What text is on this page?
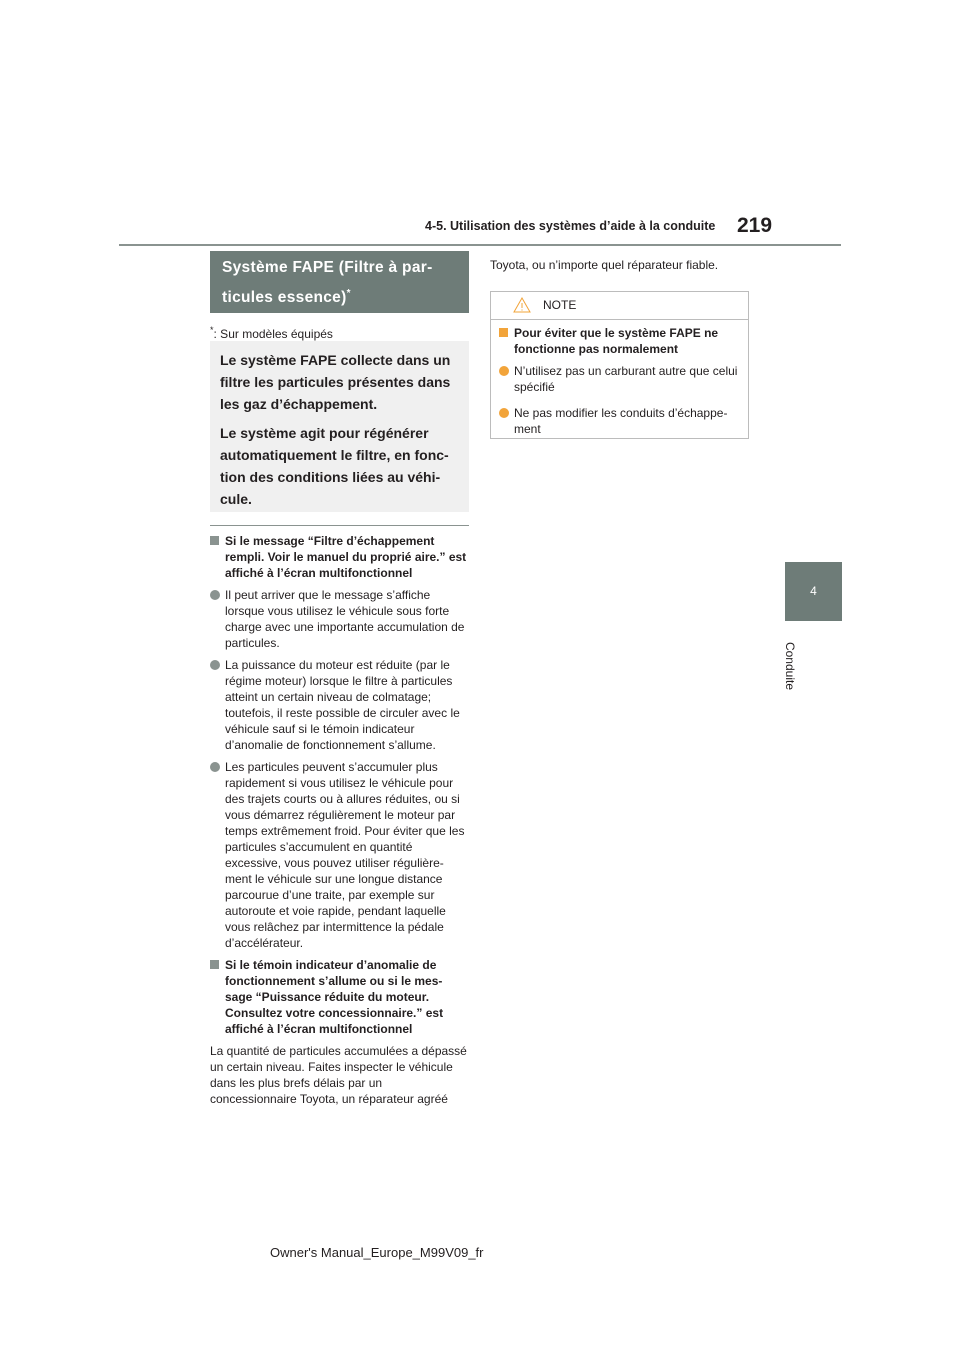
4-5. Utilisation des systèmes d’aide à la conduite 219
4
Conduite
Système FAPE (Filtre à par- ticules essence)*
*: Sur modèles équipés

Le système FAPE collecte dans un filtre les particules présentes dans les gaz d’échappement.

Le système agit pour régénérer automatiquement le filtre, en fonc- tion des conditions liées au véhi- cule.

Si le message “Filtre d’échappement rempli. Voir le manuel du proprié aire.” est affiché à l’écran multifonctionnel

Il peut arriver que le message s’affiche lorsque vous utilisez le véhicule sous forte charge avec une importante accumulation de particules.

La puissance du moteur est réduite (par le régime moteur) lorsque le filtre à particules atteint un certain niveau de colmatage; toutefois, il reste possible de circuler avec le véhicule sauf si le témoin indicateur d’anomalie de fonctionnement s’allume.

Les particules peuvent s’accumuler plus rapidement si vous utilisez le véhicule pour des trajets courts ou à allures réduites, ou si vous démarrez régulièrement le moteur par temps extrêmement froid. Pour éviter que les particules s’accumulent en quantité excessive, vous pouvez utiliser régulière- ment le véhicule sur une longue distance parcourue d’une traite, par exemple sur autoroute et voie rapide, pendant laquelle vous relâchez par intermittence la pédale d’accélérateur.

Si le témoin indicateur d’anomalie de fonctionnement s’allume ou si le mes- sage “Puissance réduite du moteur. Consultez votre concessionnaire.” est affiché à l’écran multifonctionnel

La quantité de particules accumulées a dépassé un certain niveau. Faites inspecter le véhicule dans les plus brefs délais par un concessionnaire Toyota, un réparateur agréé

Toyota, ou n’importe quel réparateur fiable.
NOTE

Pour éviter que le système FAPE ne fonctionne pas normalement

N’utilisez pas un carburant autre que celui spécifié

Ne pas modifier les conduits d’échappe- ment

Owner's Manual_Europe_M99V09_fr
